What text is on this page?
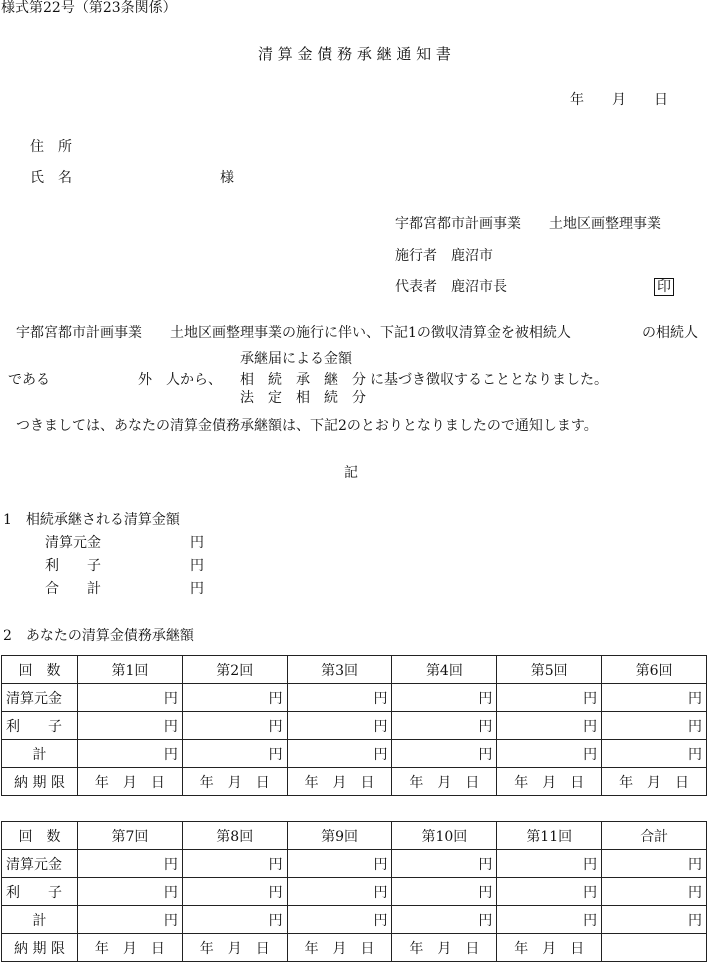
様式第22号（第23条関係）
清 算 金 債 務 承 継 通 知 書
年　　月　　日
住　所
氏　名	様
宇都宮都市計画事業　　土地区画整理事業
施行者　鹿沼市
代表者　鹿沼市長	印
宇都宮都市計画事業　　土地区画整理事業の施行に伴い、下記1の徴収清算金を被相続人	の相続人
承継届による金額
である	外　人から、 相　続　承　継　分 に基づき徴収することとなりました。
法　定　相　続　分
つきましては、あなたの清算金債務承継額は、下記2のとおりとなりましたので通知します。
記
1　相続承継される清算金額
清算元金	円
利　　子	円
合　　計	円
2　あなたの清算金債務承継額
回　数	第1回	第2回	第3回	第4回	第5回	第6回
清算元金	円	円	円	円	円	円
利　　子	円	円	円	円	円	円
計	円	円	円	円	円	円
納 期 限	年　月　日	年　月　日	年　月　日	年　月　日	年　月　日	年　月　日
回　数	第7回	第8回	第9回	第10回	第11回	合計
清算元金	円	円	円	円	円	円
利　　子	円	円	円	円	円	円
計	円	円	円	円	円	円
納 期 限	年　月　日	年　月　日	年　月　日	年　月　日	年　月　日	
